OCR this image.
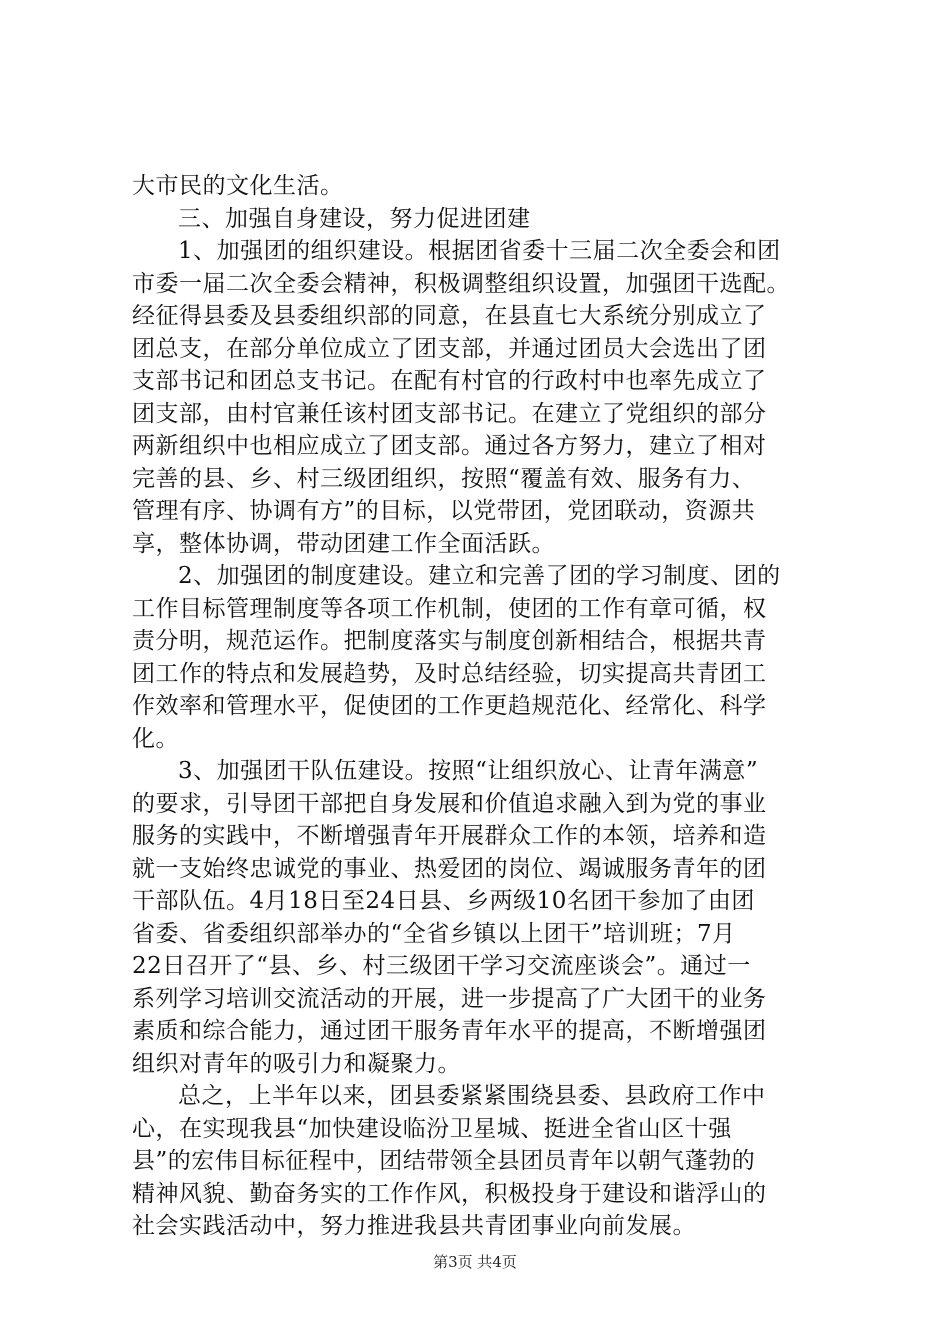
大市民的文化生活。
三、加强自身建设，努力促进团建
1、加强团的组织建设。根据团省委十三届二次全委会和团
市委一届二次全委会精神，积极调整组织设置，加强团干选配。
经征得县委及县委组织部的同意，在县直七大系统分别成立了
团总支，在部分单位成立了团支部，并通过团员大会选出了团
支部书记和团总支书记。在配有村官的行政村中也率先成立了
团支部，由村官兼任该村团支部书记。在建立了党组织的部分
两新组织中也相应成立了团支部。通过各方努力，建立了相对
完善的县、乡、村三级团组织，按照“覆盖有效、服务有力、
管理有序、协调有方”的目标，以党带团，党团联动，资源共
享，整体协调，带动团建工作全面活跃。
2、加强团的制度建设。建立和完善了团的学习制度、团的
工作目标管理制度等各项工作机制，使团的工作有章可循，权
责分明，规范运作。把制度落实与制度创新相结合，根据共青
团工作的特点和发展趋势，及时总结经验，切实提高共青团工
作效率和管理水平，促使团的工作更趋规范化、经常化、科学
化。
3、加强团干队伍建设。按照“让组织放心、让青年满意”
的要求，引导团干部把自身发展和价值追求融入到为党的事业
服务的实践中，不断增强青年开展群众工作的本领，培养和造
就一支始终忠诚党的事业、热爱团的岗位、竭诚服务青年的团
干部队伍。4月18日至24日县、乡两级10名团干参加了由团
省委、省委组织部举办的“全省乡镇以上团干”培训班；7月
22日召开了“县、乡、村三级团干学习交流座谈会”。通过一
系列学习培训交流活动的开展，进一步提高了广大团干的业务
素质和综合能力，通过团干服务青年水平的提高，不断增强团
组织对青年的吸引力和凝聚力。
总之，上半年以来，团县委紧紧围绕县委、县政府工作中
心，在实现我县“加快建设临汾卫星城、挺进全省山区十强
县”的宏伟目标征程中，团结带领全县团员青年以朝气蓬勃的
精神风貌、勤奋务实的工作作风，积极投身于建设和谐浮山的
社会实践活动中，努力推进我县共青团事业向前发展。
第3页 共4页
